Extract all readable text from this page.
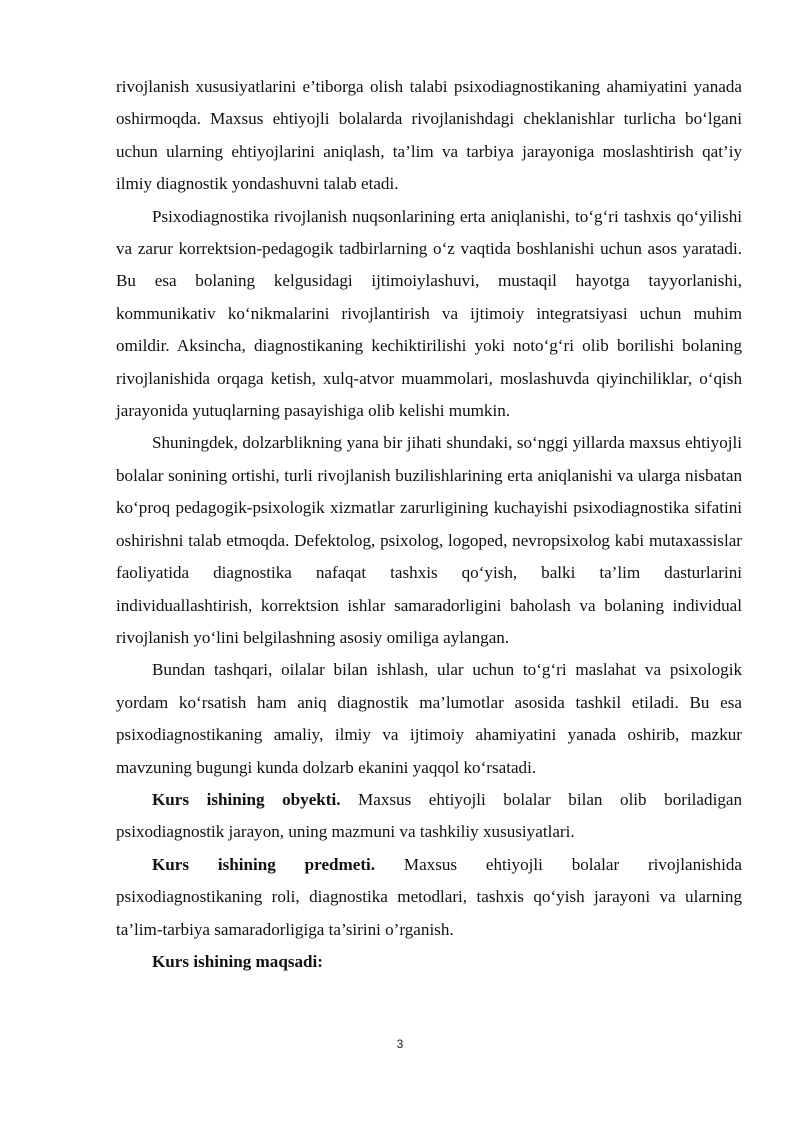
rivojlanish xususiyatlarini e’tiborga olish talabi psixodiagnostikaning ahamiyatini yanada oshirmoqda. Maxsus ehtiyojli bolalarda rivojlanishdagi cheklanishlar turlicha bo‘lgani uchun ularning ehtiyojlarini aniqlash, ta’lim va tarbiya jarayoniga moslashtirish qat’iy ilmiy diagnostik yondashuvni talab etadi.

Psixodiagnostika rivojlanish nuqsonlarining erta aniqlanishi, to‘g‘ri tashxis qo‘yilishi va zarur korrektsion-pedagogik tadbirlarning o‘z vaqtida boshlanishi uchun asos yaratadi. Bu esa bolaning kelgusidagi ijtimoiylashuvi, mustaqil hayotga tayyorlanishi, kommunikativ ko‘nikmalarini rivojlantirish va ijtimoiy integratsiyasi uchun muhim omildir. Aksincha, diagnostikaning kechiktirilishi yoki noto‘g‘ri olib borilishi bolaning rivojlanishida orqaga ketish, xulq-atvor muammolari, moslashuvda qiyinchiliklar, o‘qish jarayonida yutuqlarning pasayishiga olib kelishi mumkin.

Shuningdek, dolzarblikning yana bir jihati shundaki, so‘nggi yillarda maxsus ehtiyojli bolalar sonining ortishi, turli rivojlanish buzilishlarining erta aniqlanishi va ularga nisbatan ko‘proq pedagogik-psixologik xizmatlar zarurligining kuchayishi psixodiagnostika sifatini oshirishni talab etmoqda. Defektolog, psixolog, logoped, nevropsixolog kabi mutaxassislar faoliyatida diagnostika nafaqat tashxis qo‘yish, balki ta’lim dasturlarini individuallashtirish, korrektsion ishlar samaradorligini baholash va bolaning individual rivojlanish yo‘lini belgilashning asosiy omiliga aylangan.

Bundan tashqari, oilalar bilan ishlash, ular uchun to‘g‘ri maslahat va psixologik yordam ko‘rsatish ham aniq diagnostik ma’lumotlar asosida tashkil etiladi. Bu esa psixodiagnostikaning amaliy, ilmiy va ijtimoiy ahamiyatini yanada oshirib, mazkur mavzuning bugungi kunda dolzarb ekanini yaqqol ko‘rsatadi.

Kurs ishining obyekti. Maxsus ehtiyojli bolalar bilan olib boriladigan psixodiagnostik jarayon, uning mazmuni va tashkiliy xususiyatlari.

Kurs ishining predmeti. Maxsus ehtiyojli bolalar rivojlanishida psixodiagnostikaning roli, diagnostika metodlari, tashxis qo‘yish jarayoni va ularning ta’lim-tarbiya samaradorligiga ta’sirini o’rganish.

Kurs ishining maqsadi:

3
